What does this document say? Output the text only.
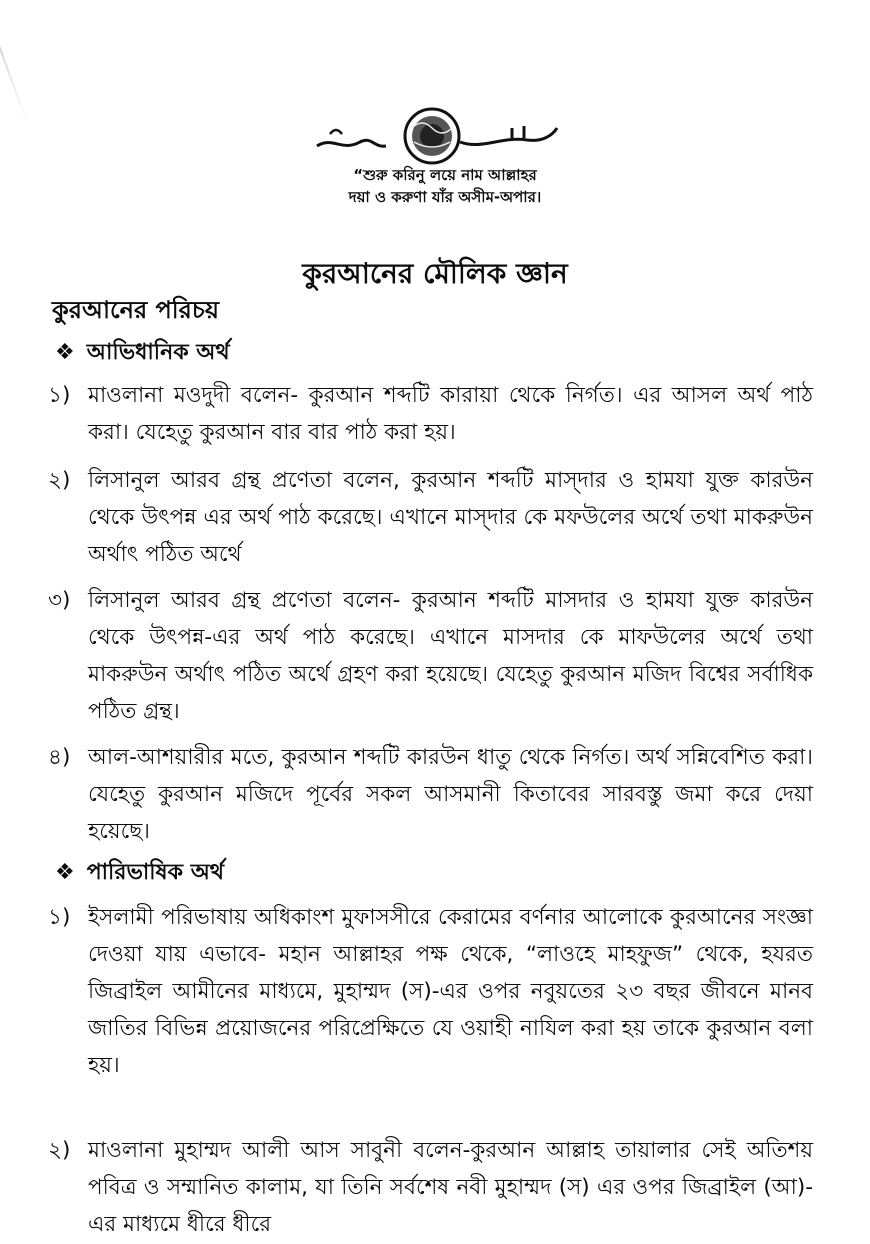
“শুরু করিনু লয়ে নাম আল্লাহর
দয়া ও করুণা যাঁর অসীম-অপার।
কুরআনের মৌলিক জ্ঞান
কুরআনের পরিচয়
❖ আভিধানিক অর্থ
১) মাওলানা মওদুদী বলেন- কুরআন শব্দটি কারায়া থেকে নির্গত। এর আসল অর্থ পাঠ করা। যেহেতু কুরআন বার বার পাঠ করা হয়।
২) লিসানুল আরব গ্রন্থ প্রণেতা বলেন, কুরআন শব্দটি মাস্‌দার ও হামযা যুক্ত কারউন থেকে উৎপন্ন এর অর্থ পাঠ করেছে। এখানে মাস্‌দার কে মফউলের অর্থে তথা মাকরুউন অর্থাৎ পঠিত অর্থে
৩) লিসানুল আরব গ্রন্থ প্রণেতা বলেন- কুরআন শব্দটি মাসদার ও হামযা যুক্ত কারউন থেকে উৎপন্ন-এর অর্থ পাঠ করেছে। এখানে মাসদার কে মাফউলের অর্থে তথা মাকরুউন অর্থাৎ পঠিত অর্থে গ্রহণ করা হয়েছে। যেহেতু কুরআন মজিদ বিশ্বের সর্বাধিক পঠিত গ্রন্থ।
৪) আল-আশয়ারীর মতে, কুরআন শব্দটি কারউন ধাতু থেকে নির্গত। অর্থ সন্নিবেশিত করা। যেহেতু কুরআন মজিদে পূর্বের সকল আসমানী কিতাবের সারবস্তু জমা করে দেয়া হয়েছে।
❖ পারিভাষিক অর্থ
১) ইসলামী পরিভাষায় অধিকাংশ মুফাসসীরে কেরামের বর্ণনার আলোকে কুরআনের সংজ্ঞা দেওয়া যায় এভাবে- মহান আল্লাহর পক্ষ থেকে, “লাওহে মাহফুজ” থেকে, হযরত জিব্রাইল আমীনের মাধ্যমে, মুহাম্মদ (স)-এর ওপর নবুয়তের ২৩ বছর জীবনে মানব জাতির বিভিন্ন প্রয়োজনের পরিপ্রেক্ষিতে যে ওয়াহী নাযিল করা হয় তাকে কুরআন বলা হয়।
২) মাওলানা মুহাম্মদ আলী আস সাবুনী বলেন-কুরআন আল্লাহ তায়ালার সেই অতিশয় পবিত্র ও সম্মানিত কালাম, যা তিনি সর্বশেষ নবী মুহাম্মদ (স) এর ওপর জিব্রাইল (আ)-এর মাধ্যমে ধীরে ধীরে
